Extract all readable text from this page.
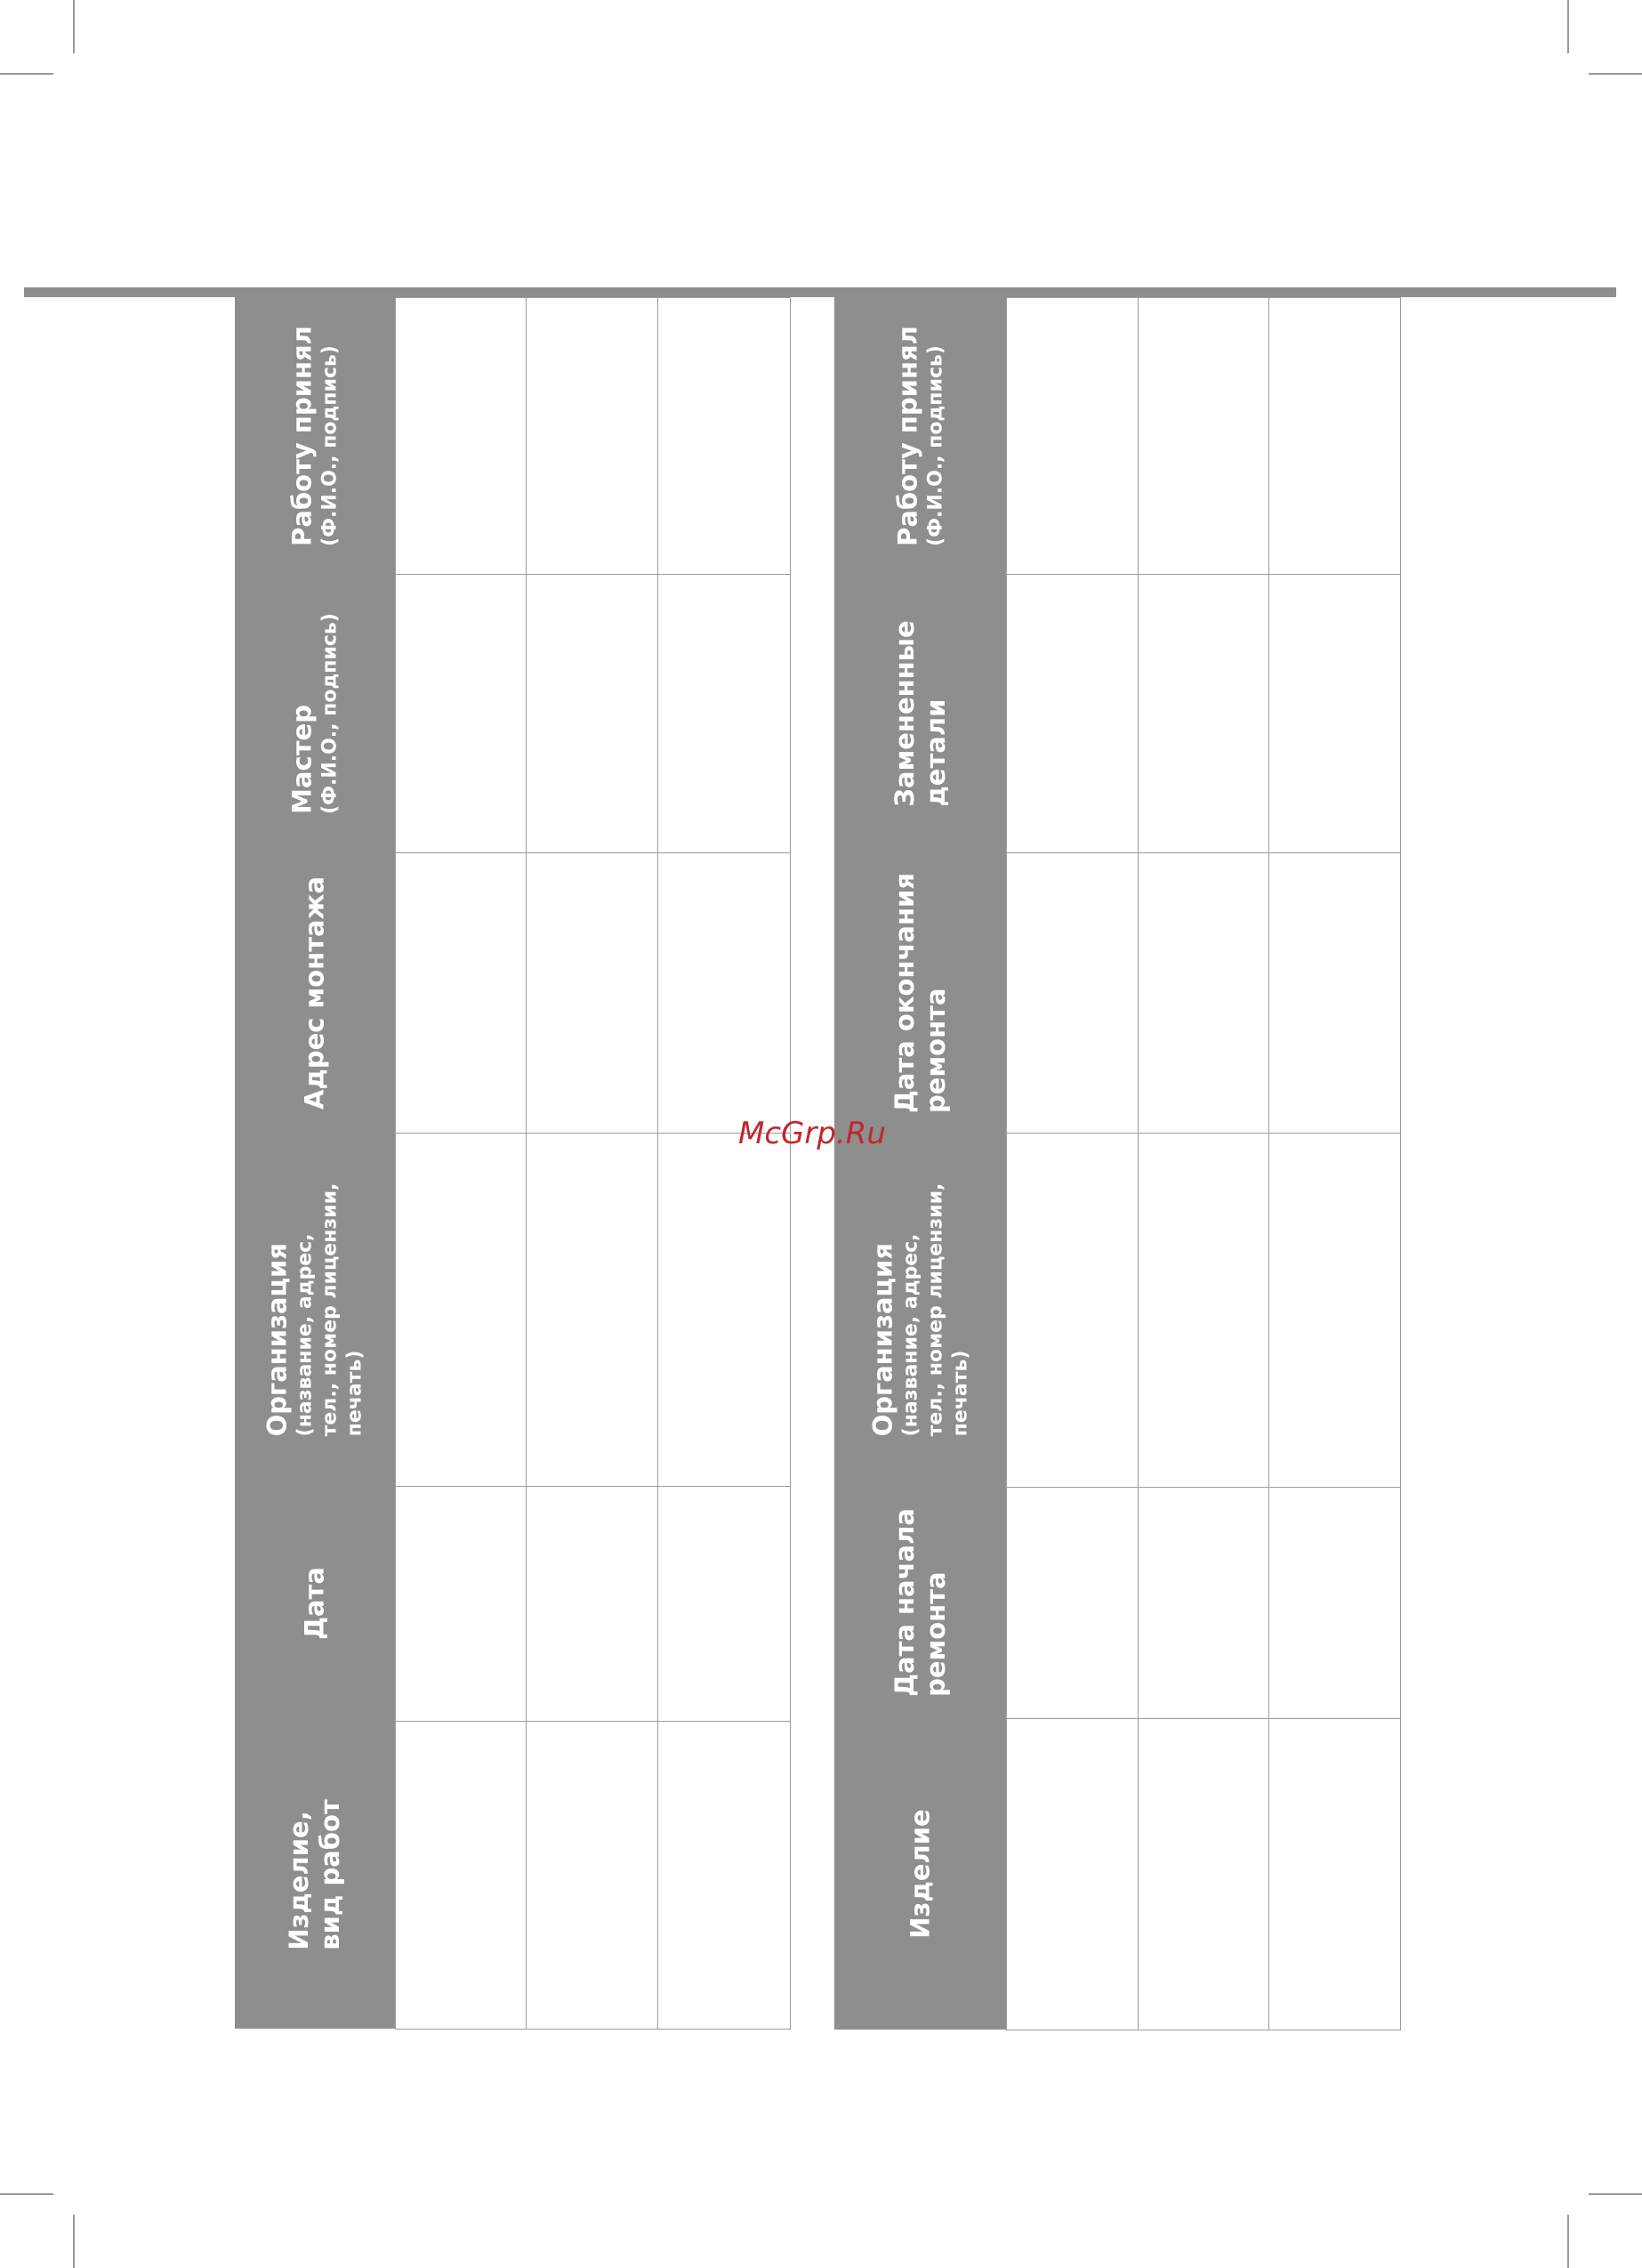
Изделие,
вид работ
Дата
Организация (название, адрес,
тел., номер лицензии,
печать)
Адрес монтажа
Мастер (Ф.И.О., подпись)
Работу принял (Ф.И.О., подпись)
Изделие
Дата начала
ремонта
Организация (название, адрес,
тел., номер лицензии,
печать)
Дата окончания
ремонта
Замененные
детали
Работу принял (Ф.И.О., подпись)
McGrp.Ru
